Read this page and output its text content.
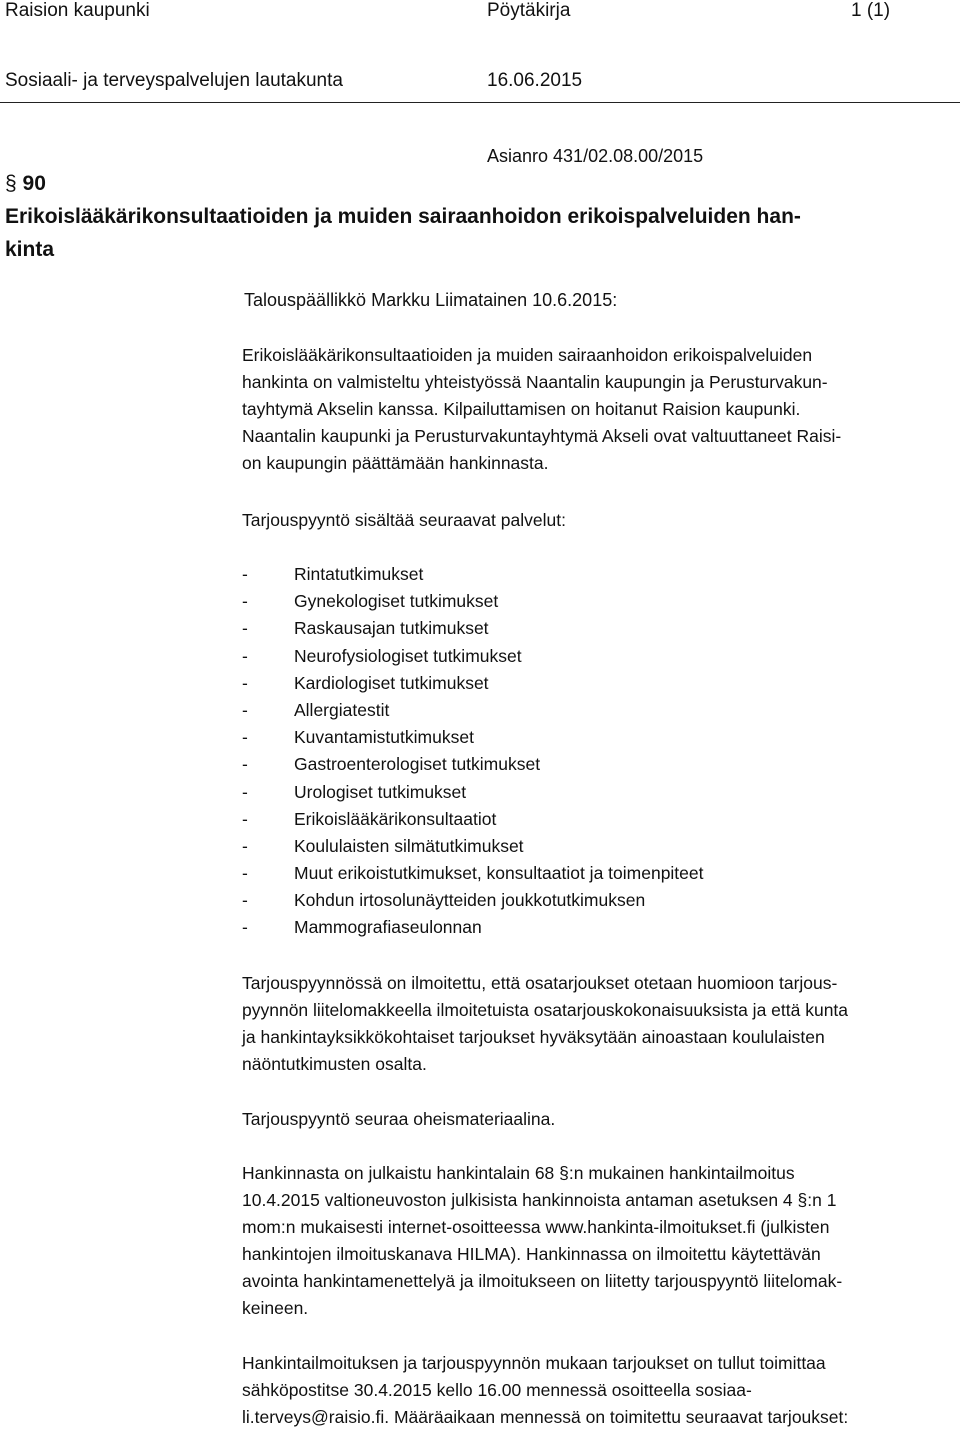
Raision kaupunki	Pöytäkirja	1 (1)
Sosiaali- ja terveyspalvelujen lautakunta	16.06.2015
Asianro 431/02.08.00/2015
§ 90
Erikoislääkärikonsultaatioiden ja muiden sairaanhoidon erikoispalveluiden han-
kinta
Talouspäällikkö Markku Liimatainen 10.6.2015:
Erikoislääkärikonsultaatioiden ja muiden sairaanhoidon erikoispalveluiden
hankinta on valmisteltu yhteistyössä Naantalin kaupungin ja Perusturvakun-
tayhtymä Akselin kanssa. Kilpailuttamisen on hoitanut Raision kaupunki.
Naantalin kaupunki ja Perusturvakuntayhtymä Akseli ovat valtuuttaneet Raisi-
on kaupungin päättämään hankinnasta.
Tarjouspyyntö sisältää seuraavat palvelut:
-	Rintatutkimukset
-	Gynekologiset tutkimukset
-	Raskausajan tutkimukset
-	Neurofysiologiset tutkimukset
-	Kardiologiset tutkimukset
-	Allergiatestit
-	Kuvantamistutkimukset
-	Gastroenterologiset tutkimukset
-	Urologiset tutkimukset
-	Erikoislääkärikonsultaatiot
-	Koululaisten silmätutkimukset
-	Muut erikoistutkimukset, konsultaatiot ja toimenpiteet
-	Kohdun irtosolunäytteiden joukkotutkimuksen
-	Mammografiaseulonnan
Tarjouspyynnössä on ilmoitettu, että osatarjoukset otetaan huomioon tarjous-
pyynnön liitelomakkeella ilmoitetuista osatarjouskokonaisuuksista ja että kunta
ja hankintayksikkökohtaiset tarjoukset hyväksytään ainoastaan koululaisten
näöntutkimusten osalta.
Tarjouspyyntö seuraa oheismateriaalina.
Hankinnasta on julkaistu hankintalain 68 §:n mukainen hankintailmoitus
10.4.2015 valtioneuvoston julkisista hankinnoista antaman asetuksen 4 §:n 1
mom:n mukaisesti internet-osoitteessa www.hankinta-ilmoitukset.fi (julkisten
hankintojen ilmoituskanava HILMA). Hankinnassa on ilmoitettu käytettävän
avointa hankintamenettelyä ja ilmoitukseen on liitetty tarjouspyyntö liitelomak-
keineen.
Hankintailmoituksen ja tarjouspyynnön mukaan tarjoukset on tullut toimittaa
sähköpostitse 30.4.2015 kello 16.00 mennessä osoitteella sosiaa-
li.terveys@raisio.fi. Määräaikaan mennessä on toimitettu seuraavat tarjoukset:
